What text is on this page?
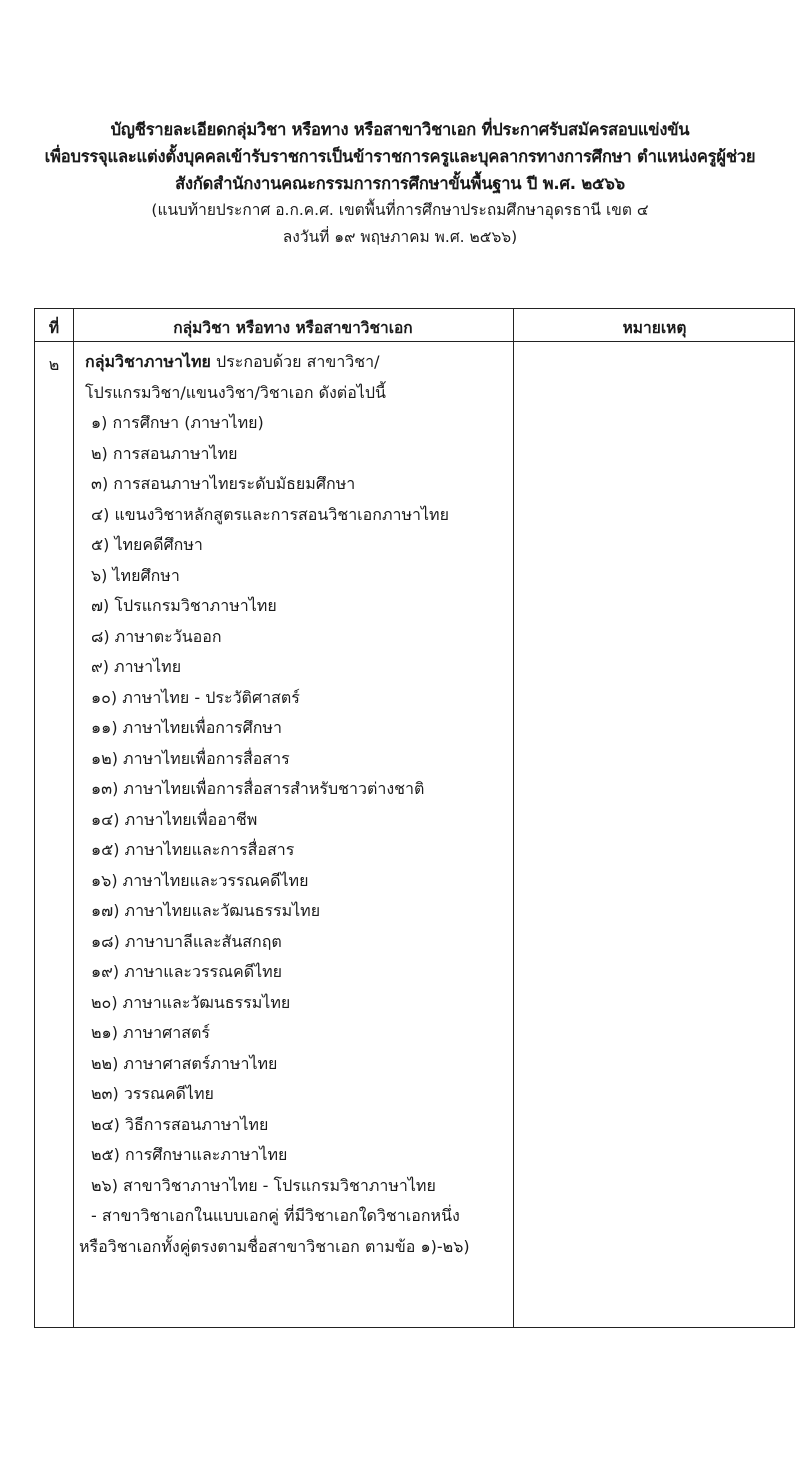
บัญชีรายละเอียดกลุ่มวิชา หรือทาง หรือสาขาวิชาเอก ที่ประกาศรับสมัครสอบแข่งขัน
เพื่อบรรจุและแต่งตั้งบุคคลเข้ารับราชการเป็นข้าราชการครูและบุคลากรทางการศึกษา ตำแหน่งครูผู้ช่วย
สังกัดสำนักงานคณะกรรมการการศึกษาขั้นพื้นฐาน ปี พ.ศ. ๒๕๖๖
(แนบท้ายประกาศ อ.ก.ค.ศ. เขตพื้นที่การศึกษาประถมศึกษาอุดรธานี เขต ๔
ลงวันที่ ๑๙ พฤษภาคม พ.ศ. ๒๕๖๖)
ที่	กลุ่มวิชา หรือทาง หรือสาขาวิชาเอก	หมายเหตุ
๒	กลุ่มวิชาภาษาไทย ประกอบด้วย สาขาวิชา/
โปรแกรมวิชา/แขนงวิชา/วิชาเอก ดังต่อไปนี้
๑) การศึกษา (ภาษาไทย)
๒) การสอนภาษาไทย
๓) การสอนภาษาไทยระดับมัธยมศึกษา
๔) แขนงวิชาหลักสูตรและการสอนวิชาเอกภาษาไทย
๕) ไทยคดีศึกษา
๖) ไทยศึกษา
๗) โปรแกรมวิชาภาษาไทย
๘) ภาษาตะวันออก
๙) ภาษาไทย
๑๐) ภาษาไทย - ประวัติศาสตร์
๑๑) ภาษาไทยเพื่อการศึกษา
๑๒) ภาษาไทยเพื่อการสื่อสาร
๑๓) ภาษาไทยเพื่อการสื่อสารสำหรับชาวต่างชาติ
๑๔) ภาษาไทยเพื่ออาชีพ
๑๕) ภาษาไทยและการสื่อสาร
๑๖) ภาษาไทยและวรรณคดีไทย
๑๗) ภาษาไทยและวัฒนธรรมไทย
๑๘) ภาษาบาลีและสันสกฤต
๑๙) ภาษาและวรรณคดีไทย
๒๐) ภาษาและวัฒนธรรมไทย
๒๑) ภาษาศาสตร์
๒๒) ภาษาศาสตร์ภาษาไทย
๒๓) วรรณคดีไทย
๒๔) วิธีการสอนภาษาไทย
๒๕) การศึกษาและภาษาไทย
๒๖) สาขาวิชาภาษาไทย - โปรแกรมวิชาภาษาไทย
- สาขาวิชาเอกในแบบเอกคู่ ที่มีวิชาเอกใดวิชาเอกหนึ่ง
หรือวิชาเอกทั้งคู่ตรงตามชื่อสาขาวิชาเอก ตามข้อ ๑)-๒๖)
